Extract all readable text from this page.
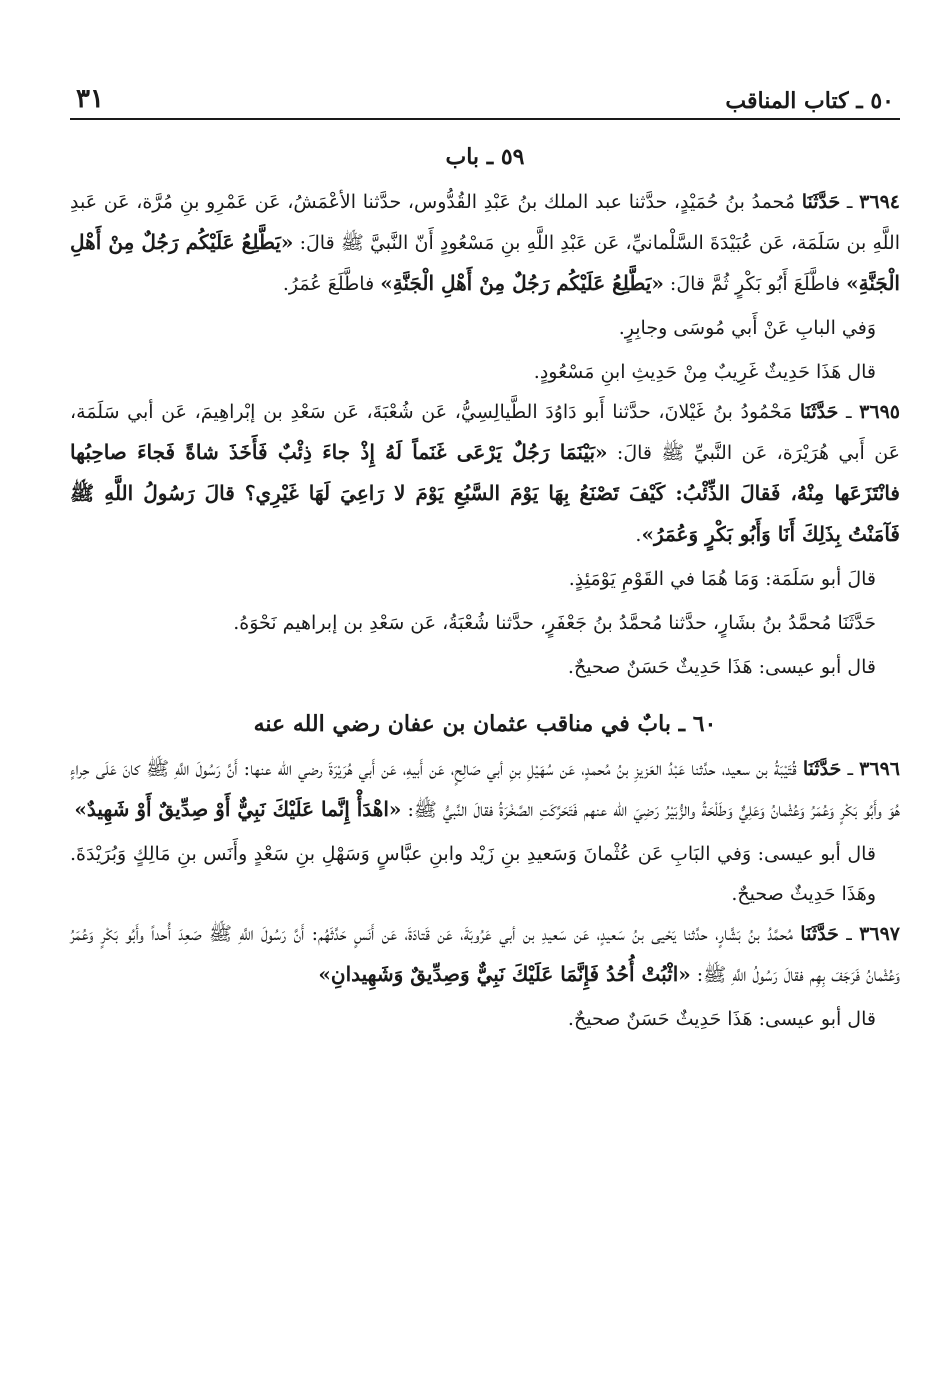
٥٠ ـ كتاب المناقب
٣١
٥٩ ـ باب

٣٦٩٤ ـ حَدَّثَنَا مُحمدُ بنُ حُمَيْدٍ، حدَّثنا عبد الملك بنُ عَبْدِ القُدُّوس، حدَّثنا الأعْمَشُ، عَن عَمْرِو بنِ مُرَّة، عَن عَبدِ اللَّهِ بن سَلَمَة، عَن عُبَيْدَةَ السَّلْمانيِّ، عَن عَبْدِ اللَّهِ بنِ مَسْعُودٍ أَنّ النَّبيَّ ﷺ قالَ: «يَطَّلِعُ عَلَيْكُم رَجُلٌ مِنْ أَهْلِ الْجَنَّةِ» فاطَّلَعَ أَبُو بَكْرٍ ثُمَّ قالَ: «يَطَّلِعُ عَلَيْكُم رَجُلٌ مِنْ أَهْلِ الْجَنَّةِ» فاطَّلَعَ عُمَرُ.

وَفي البابِ عَنْ أَبي مُوسَى وجابِرٍ.

قال هَذَا حَدِيثٌ غَرِيبٌ مِنْ حَدِيثِ ابنِ مَسْعُودٍ.

٣٦٩٥ ـ حَدَّثَنَا مَحْمُودُ بنُ غَيْلانَ، حدَّثنا أَبو دَاوُدَ الطَّيالِسِيُّ، عَن شُعْبَةَ، عَن سَعْدِ بن إبْراهِيمَ، عَن أبي سَلَمَة، عَن أَبي هُرَيْرَة، عَن النَّبيِّ ﷺ قالَ: «بَيْنَمَا رَجُلٌ يَرْعَى غَنَماً لَهُ إِذْ جاءَ ذِئْبٌ فَأَخَذَ شاةً فَجاءَ صاحِبُها فانْتَزَعَها مِنْهُ، فَقالَ الذِّئْبُ: كَيْفَ تَصْنَعُ بِهَا يَوْمَ السَّبُعِ يَوْمَ لا رَاعِيَ لَهَا غَيْرِي؟ قالَ رَسُولُ اللَّهِ ﷺ فَآمَنْتُ بِذَلِكَ أَنَا وَأَبُو بَكْرٍ وَعُمَرُ».

قالَ أبو سَلَمَة: وَمَا هُمَا في القَوْمِ يَوْمَئِذٍ.

حَدَّثَنَا مُحمَّدُ بنُ بشَارٍ، حدَّثنا مُحمَّدُ بنُ جَعْفَرٍ، حدَّثنا شُعْبَةُ، عَن سَعْدِ بن إبراهيم نَحْوَهُ.

قال أبو عيسى: هَذَا حَدِيثٌ حَسَنٌ صحيحٌ.

٦٠ ـ بابٌ في مناقب عثمان بن عفان رضي الله عنه

٣٦٩٦ ـ حَدَّثَنَا قُتَيْبَةُ بن سعيد، حدَّثنا عَبْدُ العَزيزِ بنُ مُحمدٍ، عَن سُهَيْلِ بنِ أبي صَالِحٍ، عَن أَبيهِ، عَن أَبي هُرَيْرَةَ رضي الله عنها: أَنَّ رَسُولَ اللَّهِ ﷺ كانَ عَلَى حِراءٍ هُوَ وأَبُو بَكْرٍ وَعُمَرُ وَعُثْمانُ وَعَلِيٌّ وَطَلْحَةُ والزُّبَيْرُ رَضِيَ الله عنهم فَتَحَرَّكَتِ الصَّخْرَةُ فقالَ النَّبيُّ ﷺ: «اهْدَأْ إِنَّما عَلَيْكَ نَبِيٌّ أَوْ صِدِّيقٌ أَوْ شَهِيدٌ»

قال أبو عيسى: وَفي البَابِ عَن عُثْمانَ وَسَعيدِ بنِ زَيْد وابنِ عبَّاسٍ وَسَهْلِ بنِ سَعْدٍ وأَنَس بنِ مَالِكٍ وَبُرَيْدَةَ. وهَذَا حَدِيثٌ صحيحٌ.

٣٦٩٧ ـ حَدَّثَنَا مُحمَّدُ بنُ بَشَّارٍ، حدَّثنا يَحْيى بنُ سَعيدٍ، عَن سَعيدِ بن أبي عَرُوبَةَ، عَن قَتادَةَ، عَن أَنَسٍ حَدَّثَهُم: أَنَّ رَسُولَ اللَّهِ ﷺ صَعِدَ أُحداً وأَبُو بَكْرٍ وَعُمَرُ وَعُثْمانُ فَرَجَفَ بِهِم فقالَ رَسُولُ اللَّهِ ﷺ: «اثْبُتْ أُحُدُ فَإِنَّمَا عَلَيْكَ نَبِيٌّ وَصِدِّيقٌ وَشَهِيدانِ»

قال أبو عيسى: هَذَا حَدِيثٌ حَسَنٌ صحيحٌ.
